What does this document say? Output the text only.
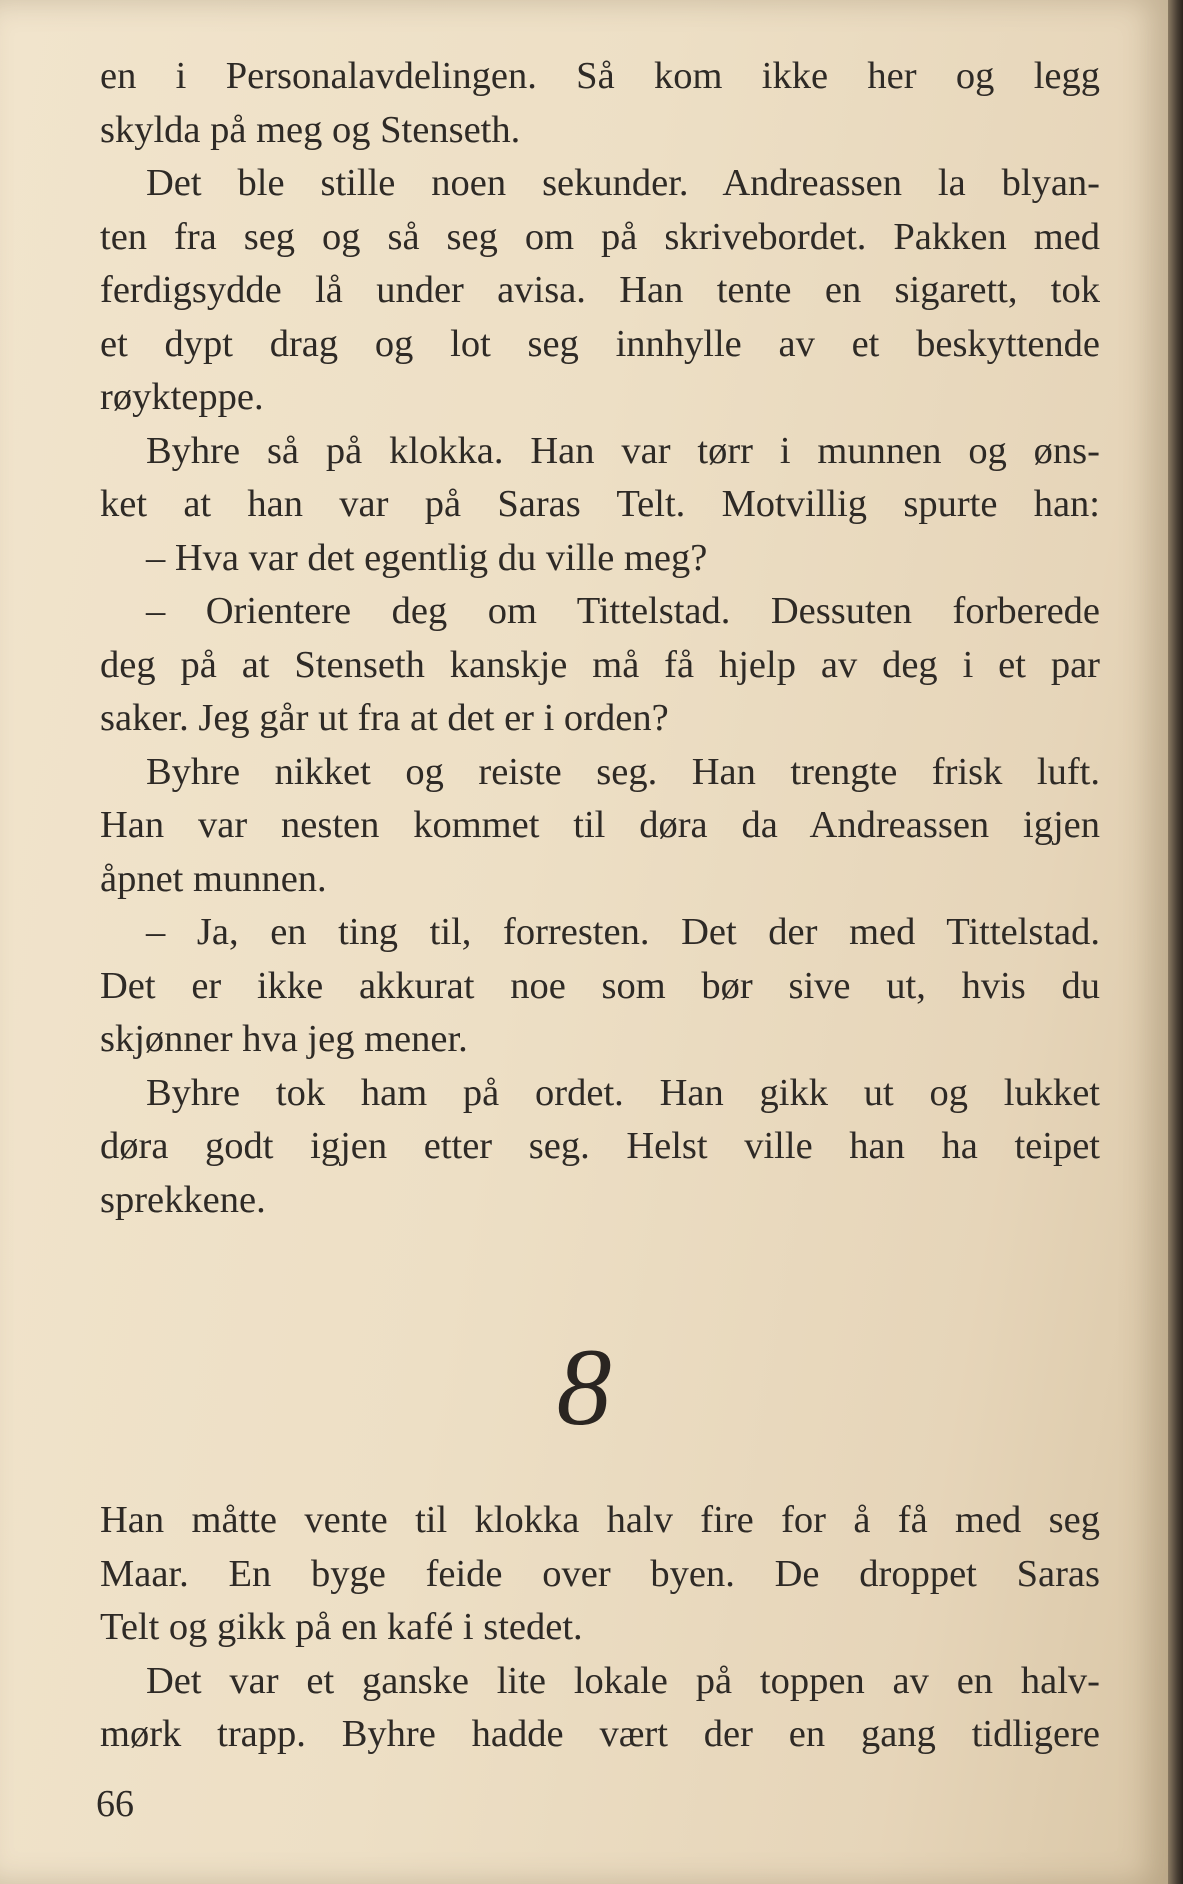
en i Personalavdelingen. Så kom ikke her og legg
skylda på meg og Stenseth.
Det ble stille noen sekunder. Andreassen la blyan-
ten fra seg og så seg om på skrivebordet. Pakken med
ferdigsydde lå under avisa. Han tente en sigarett, tok
et dypt drag og lot seg innhylle av et beskyttende
røykteppe.
Byhre så på klokka. Han var tørr i munnen og øns-
ket at han var på Saras Telt. Motvillig spurte han:
– Hva var det egentlig du ville meg?
– Orientere deg om Tittelstad. Dessuten forberede
deg på at Stenseth kanskje må få hjelp av deg i et par
saker. Jeg går ut fra at det er i orden?
Byhre nikket og reiste seg. Han trengte frisk luft.
Han var nesten kommet til døra da Andreassen igjen
åpnet munnen.
– Ja, en ting til, forresten. Det der med Tittelstad.
Det er ikke akkurat noe som bør sive ut, hvis du
skjønner hva jeg mener.
Byhre tok ham på ordet. Han gikk ut og lukket
døra godt igjen etter seg. Helst ville han ha teipet
sprekkene.
8
Han måtte vente til klokka halv fire for å få med seg
Maar. En byge feide over byen. De droppet Saras
Telt og gikk på en kafé i stedet.
Det var et ganske lite lokale på toppen av en halv-
mørk trapp. Byhre hadde vært der en gang tidligere
66
